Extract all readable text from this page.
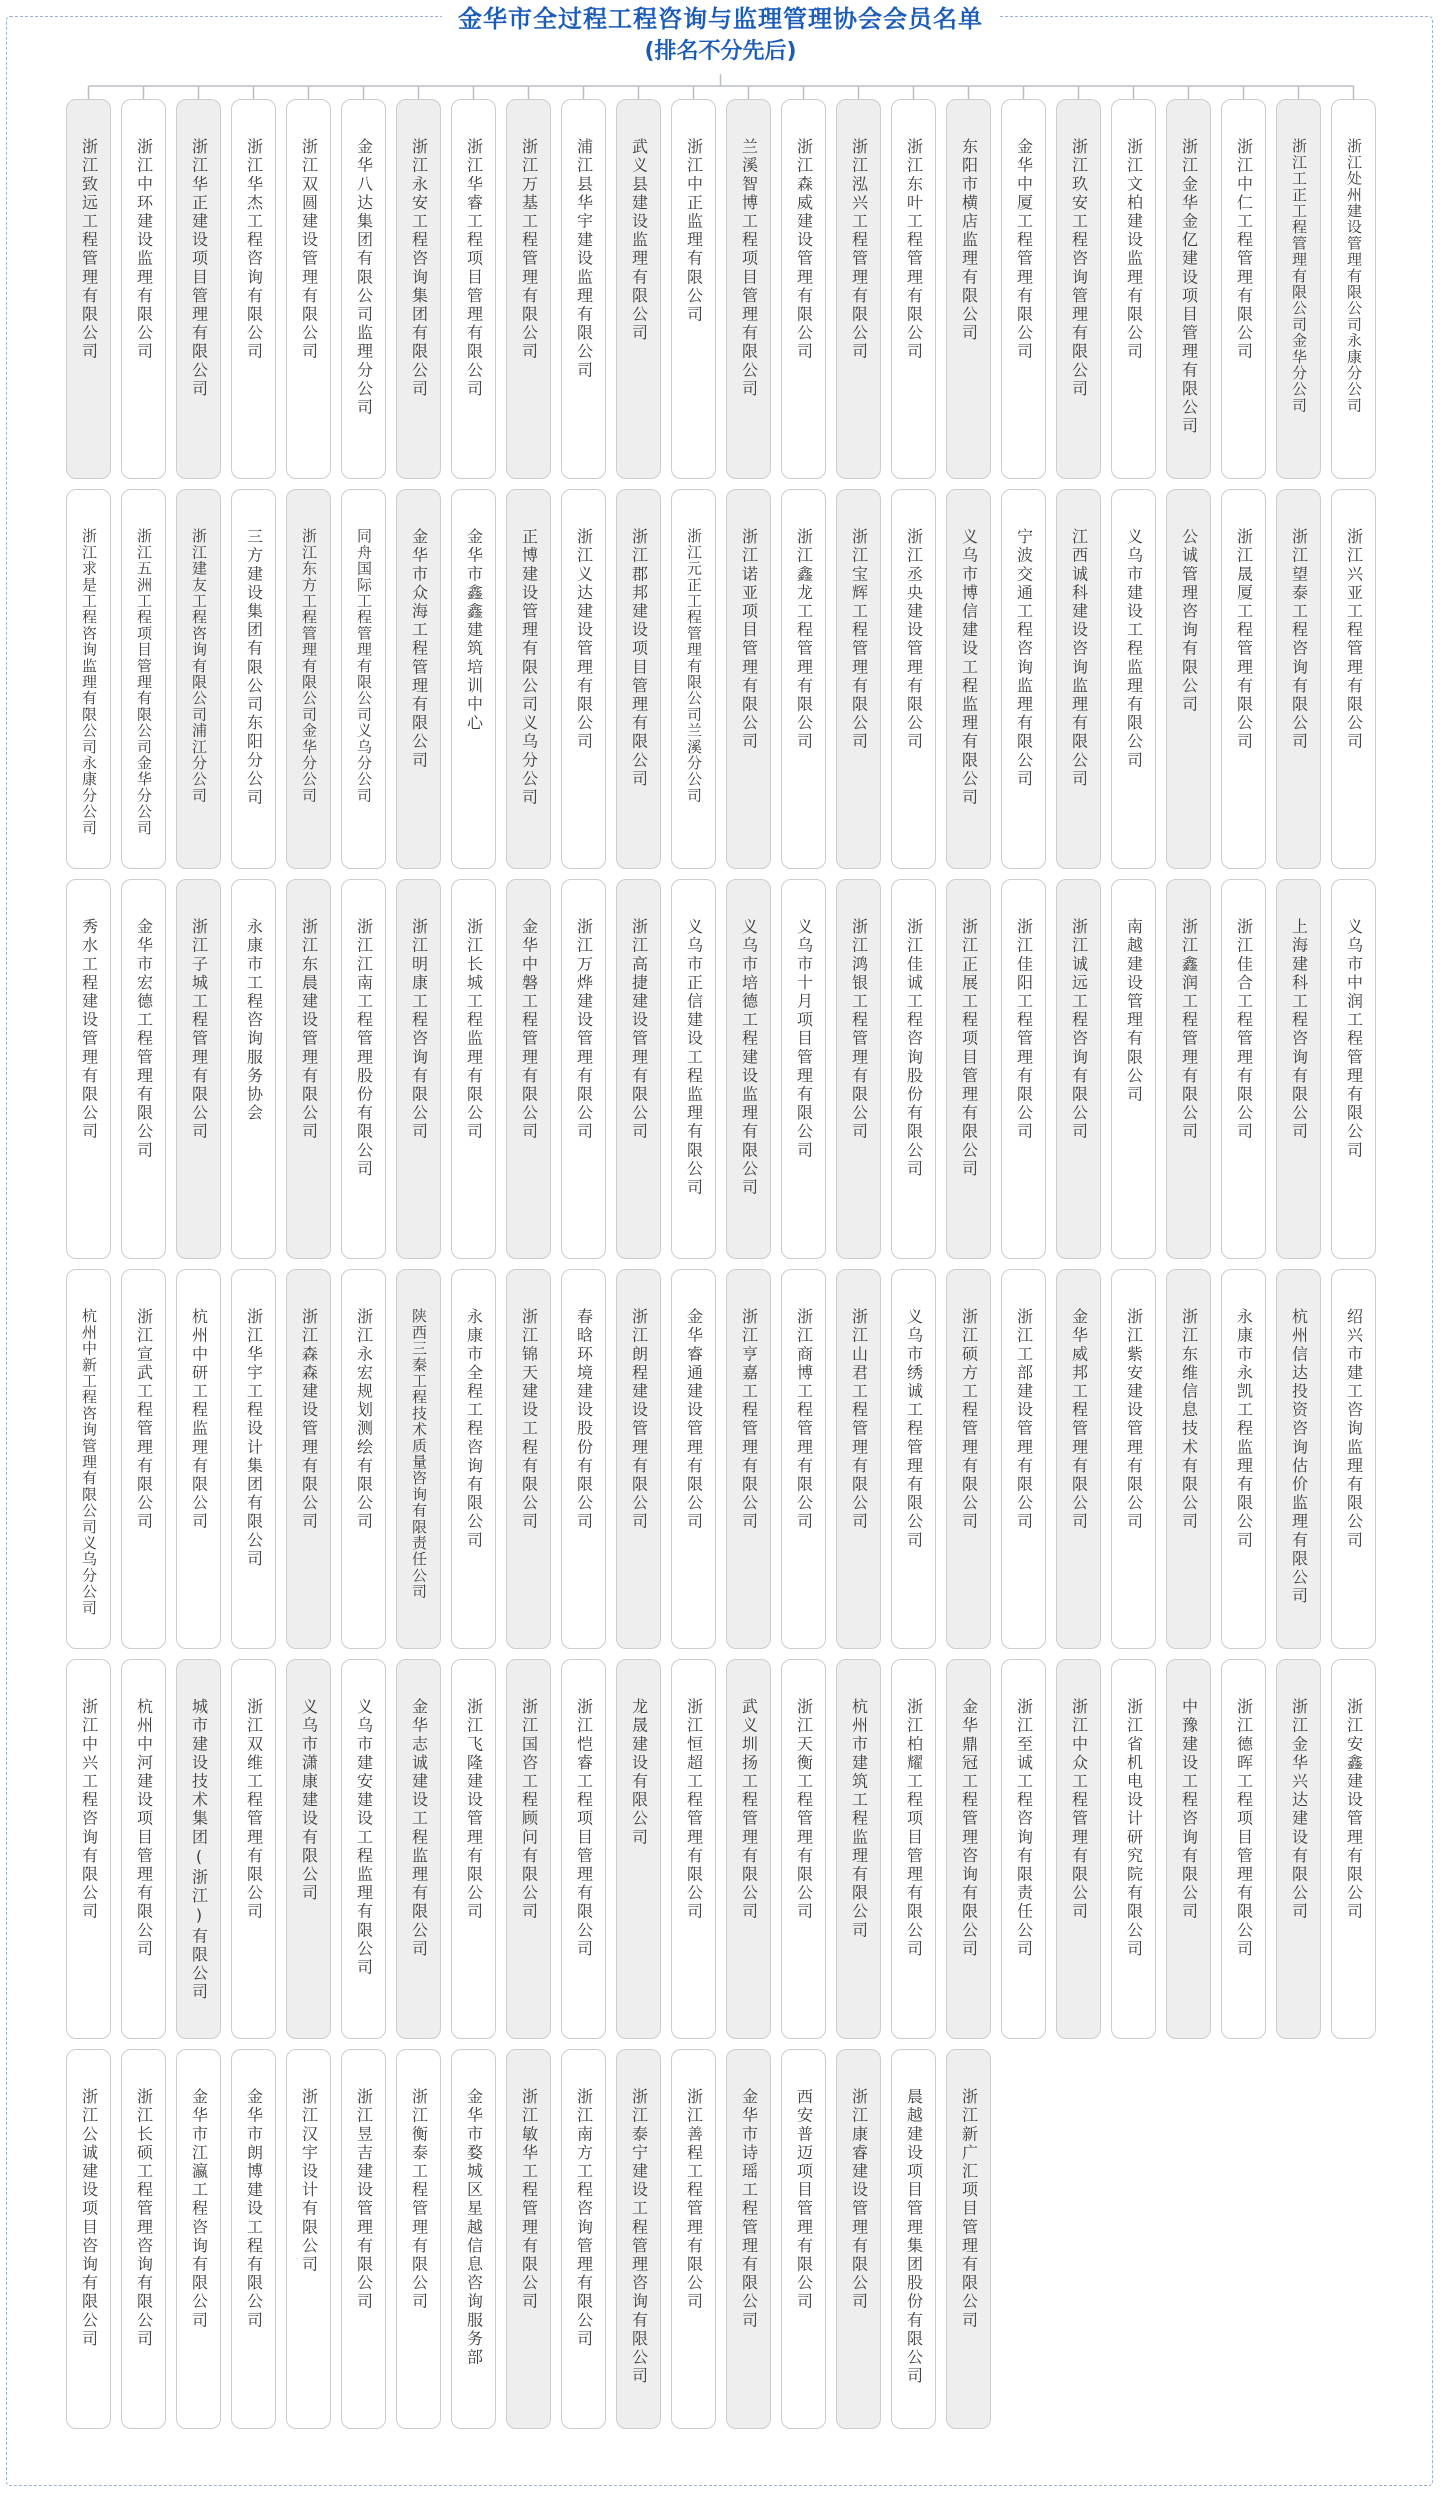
金华市全过程工程咨询与监理管理协会会员名单

(排名不分先后)

浙江致远工程管理有限公司 浙江中环建设监理有限公司 浙江华正建设项目管理有限公司 浙江华杰工程咨询有限公司 浙江双圆建设管理有限公司 金华八达集团有限公司监理分公司 浙江永安工程咨询集团有限公司 浙江华睿工程项目管理有限公司 浙江万基工程管理有限公司 浦江县华宇建设监理有限公司 武义县建设监理有限公司 浙江中正监理有限公司 兰溪智博工程项目管理有限公司 浙江森威建设管理有限公司 浙江泓兴工程管理有限公司 浙江东叶工程管理有限公司 东阳市横店监理有限公司 金华中厦工程管理有限公司 浙江玖安工程咨询管理有限公司 浙江文柏建设监理有限公司 浙江金华金亿建设项目管理有限公司 浙江中仁工程管理有限公司 浙江工正工程管理有限公司金华分公司 浙江处州建设管理有限公司永康分公司
浙江求是工程咨询监理有限公司永康分公司 浙江五洲工程项目管理有限公司金华分公司 浙江建友工程咨询有限公司浦江分公司 三方建设集团有限公司东阳分公司 浙江东方工程管理有限公司金华分公司 同舟国际工程管理有限公司义乌分公司 金华市众海工程管理有限公司 金华市鑫鑫建筑培训中心 正博建设管理有限公司义乌分公司 浙江义达建设管理有限公司 浙江郡邦建设项目管理有限公司 浙江元正工程管理有限公司兰溪分公司 浙江诺亚项目管理有限公司 浙江鑫龙工程管理有限公司 浙江宝辉工程管理有限公司 浙江丞央建设管理有限公司 义乌市博信建设工程监理有限公司 宁波交通工程咨询监理有限公司 江西诚科建设咨询监理有限公司 义乌市建设工程监理有限公司 公诚管理咨询有限公司 浙江晟厦工程管理有限公司 浙江望泰工程咨询有限公司 浙江兴亚工程管理有限公司
秀水工程建设管理有限公司 金华市宏德工程管理有限公司 浙江子城工程管理有限公司 永康市工程咨询服务协会 浙江东晨建设管理有限公司 浙江江南工程管理股份有限公司 浙江明康工程咨询有限公司 浙江长城工程监理有限公司 金华中磐工程管理有限公司 浙江万烨建设管理有限公司 浙江高捷建设管理有限公司 义乌市正信建设工程监理有限公司 义乌市培德工程建设监理有限公司 义乌市十月项目管理有限公司 浙江鸿银工程管理有限公司 浙江佳诚工程咨询股份有限公司 浙江正展工程项目管理有限公司 浙江佳阳工程管理有限公司 浙江诚远工程咨询有限公司 南越建设管理有限公司 浙江鑫润工程管理有限公司 浙江佳合工程管理有限公司 上海建科工程咨询有限公司 义乌市中润工程管理有限公司
杭州中新工程咨询管理有限公司义乌分公司 浙江宣武工程管理有限公司 杭州中研工程监理有限公司 浙江华宇工程设计集团有限公司 浙江森森建设管理有限公司 浙江永宏规划测绘有限公司 陕西三秦工程技术质量咨询有限责任公司 永康市全程工程咨询有限公司 浙江锦天建设工程有限公司 春晗环境建设股份有限公司 浙江朗程建设管理有限公司 金华睿通建设管理有限公司 浙江亨嘉工程管理有限公司 浙江商博工程管理有限公司 浙江山君工程管理有限公司 义乌市绣诚工程管理有限公司 浙江硕方工程管理有限公司 浙江工部建设管理有限公司 金华威邦工程管理有限公司 浙江紫安建设管理有限公司 浙江东维信息技术有限公司 永康市永凯工程监理有限公司 杭州信达投资咨询估价监理有限公司 绍兴市建工咨询监理有限公司
浙江中兴工程咨询有限公司 杭州中河建设项目管理有限公司 城市建设技术集团(浙江)有限公司 浙江双维工程管理有限公司 义乌市潇康建设有限公司 义乌市建安建设工程监理有限公司 金华志诚建设工程监理有限公司 浙江飞隆建设管理有限公司 浙江国咨工程顾问有限公司 浙江恺睿工程项目管理有限公司 龙晟建设有限公司 浙江恒超工程管理有限公司 武义圳扬工程管理有限公司 浙江天衡工程管理有限公司 杭州市建筑工程监理有限公司 浙江柏耀工程项目管理有限公司 金华鼎冠工程管理咨询有限公司 浙江至诚工程咨询有限责任公司 浙江中众工程管理有限公司 浙江省机电设计研究院有限公司 中豫建设工程咨询有限公司 浙江德晖工程项目管理有限公司 浙江金华兴达建设有限公司 浙江安鑫建设管理有限公司
浙江公诚建设项目咨询有限公司 浙江长硕工程管理咨询有限公司 金华市江瀛工程咨询有限公司 金华市朗博建设工程有限公司 浙江汉宇设计有限公司 浙江昱吉建设管理有限公司 浙江衡泰工程管理有限公司 金华市婺城区星越信息咨询服务部 浙江敏华工程管理有限公司 浙江南方工程咨询管理有限公司 浙江泰宁建设工程管理咨询有限公司 浙江善程工程管理有限公司 金华市诗瑶工程管理有限公司 西安普迈项目管理有限公司 浙江康睿建设管理有限公司 晨越建设项目管理集团股份有限公司 浙江新广汇项目管理有限公司
